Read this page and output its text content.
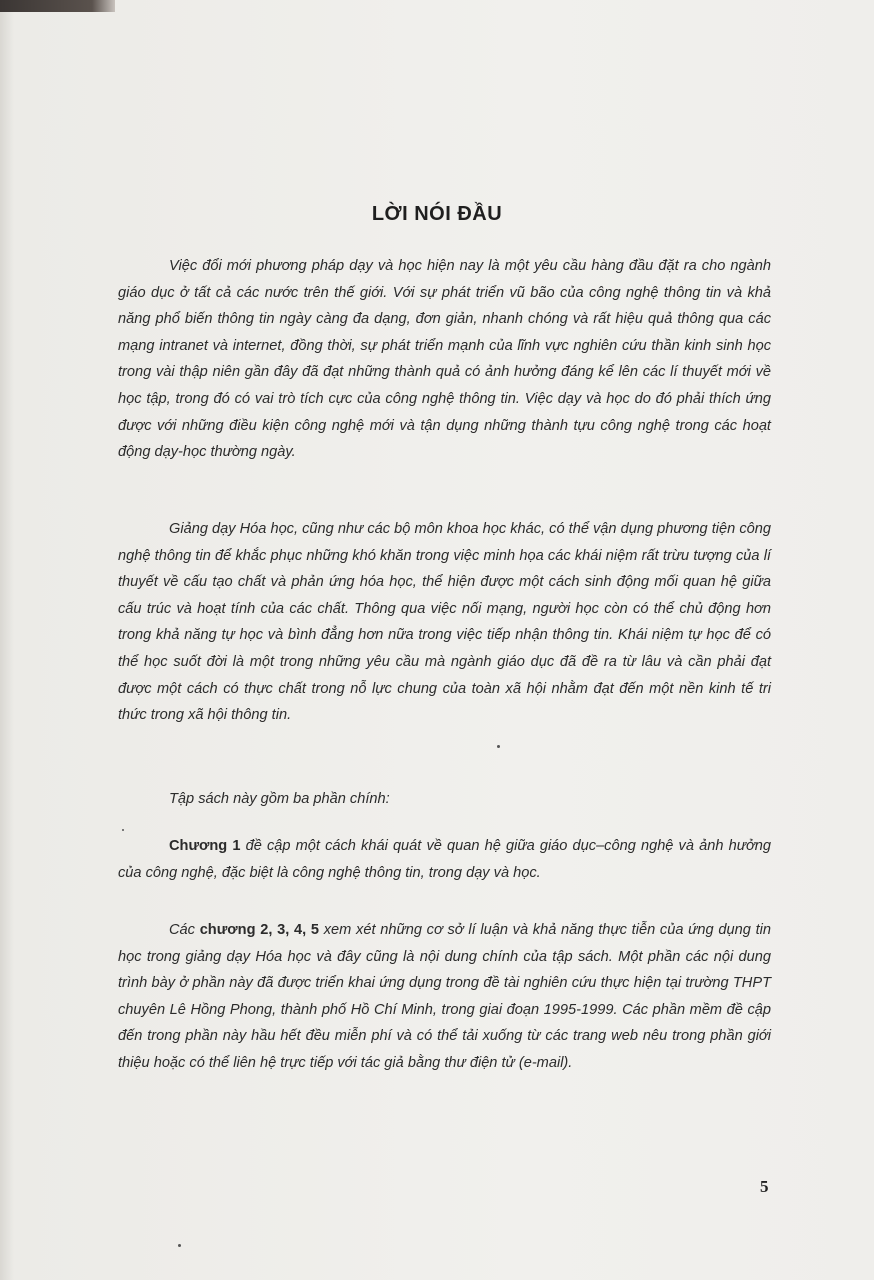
LỜI NÓI ĐẦU

Việc đổi mới phương pháp dạy và học hiện nay là một yêu cầu hàng đầu đặt ra cho ngành giáo dục ở tất cả các nước trên thế giới. Với sự phát triển vũ bão của công nghệ thông tin và khả năng phổ biến thông tin ngày càng đa dạng, đơn giản, nhanh chóng và rất hiệu quả thông qua các mạng intranet và internet, đồng thời, sự phát triển mạnh của lĩnh vực nghiên cứu thần kinh sinh học trong vài thập niên gần đây đã đạt những thành quả có ảnh hưởng đáng kể lên các lí thuyết mới về học tập, trong đó có vai trò tích cực của công nghệ thông tin. Việc dạy và học do đó phải thích ứng được với những điều kiện công nghệ mới và tận dụng những thành tựu công nghệ trong các hoạt động dạy-học thường ngày.

Giảng dạy Hóa học, cũng như các bộ môn khoa học khác, có thể vận dụng phương tiện công nghệ thông tin để khắc phục những khó khăn trong việc minh họa các khái niệm rất trừu tượng của lí thuyết về cấu tạo chất và phản ứng hóa học, thể hiện được một cách sinh động mối quan hệ giữa cấu trúc và hoạt tính của các chất. Thông qua việc nối mạng, người học còn có thể chủ động hơn trong khả năng tự học và bình đẳng hơn nữa trong việc tiếp nhận thông tin. Khái niệm tự học để có thể học suốt đời là một trong những yêu cầu mà ngành giáo dục đã đề ra từ lâu và cần phải đạt được một cách có thực chất trong nỗ lực chung của toàn xã hội nhằm đạt đến một nền kinh tế tri thức trong xã hội thông tin.

Tập sách này gồm ba phần chính:

Chương 1 đề cập một cách khái quát về quan hệ giữa giáo dục–công nghệ và ảnh hưởng của công nghệ, đặc biệt là công nghệ thông tin, trong dạy và học.

Các chương 2, 3, 4, 5 xem xét những cơ sở lí luận và khả năng thực tiễn của ứng dụng tin học trong giảng dạy Hóa học và đây cũng là nội dung chính của tập sách. Một phần các nội dung trình bày ở phần này đã được triển khai ứng dụng trong đề tài nghiên cứu thực hiện tại trường THPT chuyên Lê Hồng Phong, thành phố Hồ Chí Minh, trong giai đoạn 1995-1999. Các phần mềm đề cập đến trong phần này hầu hết đều miễn phí và có thể tải xuống từ các trang web nêu trong phần giới thiệu hoặc có thể liên hệ trực tiếp với tác giả bằng thư điện tử (e-mail).

5
